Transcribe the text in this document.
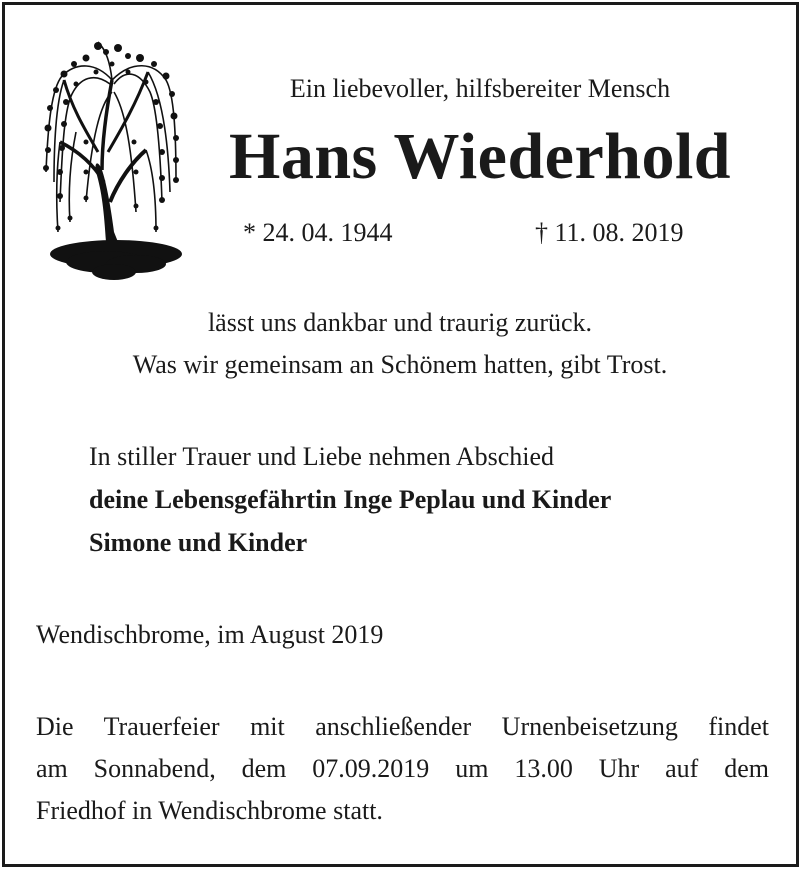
Ein liebevoller, hilfsbereiter Mensch
Hans Wiederhold
* 24. 04. 1944	† 11. 08. 2019
lässt uns dankbar und traurig zurück.
Was wir gemeinsam an Schönem hatten, gibt Trost.
In stiller Trauer und Liebe nehmen Abschied
deine Lebensgefährtin Inge Peplau und Kinder
Simone und Kinder
Wendischbrome, im August 2019
Die Trauerfeier mit anschließender Urnenbeisetzung findet
am Sonnabend, dem 07.09.2019 um 13.00 Uhr auf dem
Friedhof in Wendischbrome statt.
